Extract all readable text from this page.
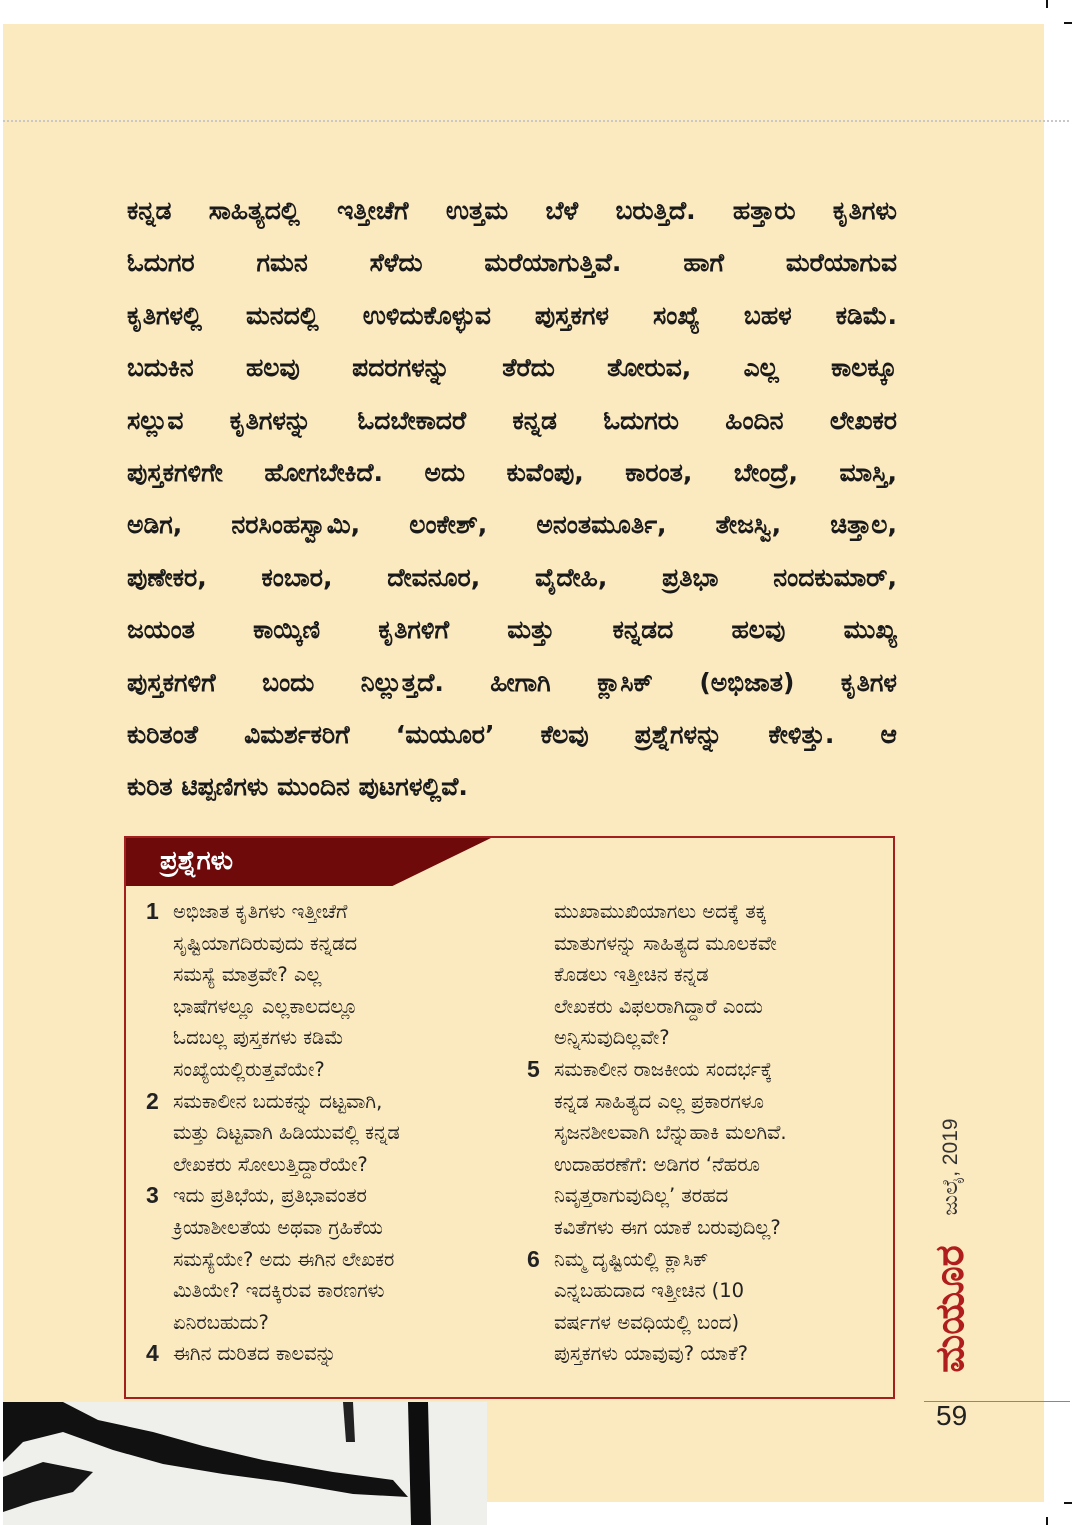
ಕನ್ನಡ ಸಾಹಿತ್ಯದಲ್ಲಿ ಇತ್ತೀಚೆಗೆ ಉತ್ತಮ ಬೆಳೆ ಬರುತ್ತಿದೆ. ಹತ್ತಾರು ಕೃತಿಗಳು
ಓದುಗರ ಗಮನ ಸೆಳೆದು ಮರೆಯಾಗುತ್ತಿವೆ. ಹಾಗೆ ಮರೆಯಾಗುವ
ಕೃತಿಗಳಲ್ಲಿ ಮನದಲ್ಲಿ ಉಳಿದುಕೊಳ್ಳುವ ಪುಸ್ತಕಗಳ ಸಂಖ್ಯೆ ಬಹಳ ಕಡಿಮೆ.
ಬದುಕಿನ ಹಲವು ಪದರಗಳನ್ನು ತೆರೆದು ತೋರುವ, ಎಲ್ಲ ಕಾಲಕ್ಕೂ
ಸಲ್ಲುವ ಕೃತಿಗಳನ್ನು ಓದಬೇಕಾದರೆ ಕನ್ನಡ ಓದುಗರು ಹಿಂದಿನ ಲೇಖಕರ
ಪುಸ್ತಕಗಳಿಗೇ ಹೋಗಬೇಕಿದೆ. ಅದು ಕುವೆಂಪು, ಕಾರಂತ, ಬೇಂದ್ರೆ, ಮಾಸ್ತಿ,
ಅಡಿಗ, ನರಸಿಂಹಸ್ವಾಮಿ, ಲಂಕೇಶ್, ಅನಂತಮೂರ್ತಿ, ತೇಜಸ್ವಿ, ಚಿತ್ತಾಲ,
ಪುಣೇಕರ, ಕಂಬಾರ, ದೇವನೂರ, ವೈದೇಹಿ, ಪ್ರತಿಭಾ ನಂದಕುಮಾರ್,
ಜಯಂತ ಕಾಯ್ಕಿಣಿ ಕೃತಿಗಳಿಗೆ ಮತ್ತು ಕನ್ನಡದ ಹಲವು ಮುಖ್ಯ
ಪುಸ್ತಕಗಳಿಗೆ ಬಂದು ನಿಲ್ಲುತ್ತದೆ. ಹೀಗಾಗಿ ಕ್ಲಾಸಿಕ್ (ಅಭಿಜಾತ) ಕೃತಿಗಳ
ಕುರಿತಂತೆ ವಿಮರ್ಶಕರಿಗೆ ‘ಮಯೂರ’ ಕೆಲವು ಪ್ರಶ್ನೆಗಳನ್ನು ಕೇಳಿತ್ತು. ಆ
ಕುರಿತ ಟಿಪ್ಪಣಿಗಳು ಮುಂದಿನ ಪುಟಗಳಲ್ಲಿವೆ.
ಪ್ರಶ್ನೆಗಳು
1 ಅಭಿಜಾತ ಕೃತಿಗಳು ಇತ್ತೀಚೆಗೆ
ಸೃಷ್ಟಿಯಾಗದಿರುವುದು ಕನ್ನಡದ
ಸಮಸ್ಯೆ ಮಾತ್ರವೇ? ಎಲ್ಲ
ಭಾಷೆಗಳಲ್ಲೂ ಎಲ್ಲಕಾಲದಲ್ಲೂ
ಓದಬಲ್ಲ ಪುಸ್ತಕಗಳು ಕಡಿಮೆ
ಸಂಖ್ಯೆಯಲ್ಲಿರುತ್ತವೆಯೇ?
2 ಸಮಕಾಲೀನ ಬದುಕನ್ನು ದಟ್ಟವಾಗಿ,
ಮತ್ತು ದಿಟ್ಟವಾಗಿ ಹಿಡಿಯುವಲ್ಲಿ ಕನ್ನಡ
ಲೇಖಕರು ಸೋಲುತ್ತಿದ್ದಾರೆಯೇ?
3 ಇದು ಪ್ರತಿಭೆಯ, ಪ್ರತಿಭಾವಂತರ
ಕ್ರಿಯಾಶೀಲತೆಯ ಅಥವಾ ಗ್ರಹಿಕೆಯ
ಸಮಸ್ಯೆಯೇ? ಅದು ಈಗಿನ ಲೇಖಕರ
ಮಿತಿಯೇ? ಇದಕ್ಕಿರುವ ಕಾರಣಗಳು
ಏನಿರಬಹುದು?
4 ಈಗಿನ ದುರಿತದ ಕಾಲವನ್ನು
ಮುಖಾಮುಖಿಯಾಗಲು ಅದಕ್ಕೆ ತಕ್ಕ
ಮಾತುಗಳನ್ನು ಸಾಹಿತ್ಯದ ಮೂಲಕವೇ
ಕೊಡಲು ಇತ್ತೀಚಿನ ಕನ್ನಡ
ಲೇಖಕರು ವಿಫಲರಾಗಿದ್ದಾರೆ ಎಂದು
ಅನ್ನಿಸುವುದಿಲ್ಲವೇ?
5 ಸಮಕಾಲೀನ ರಾಜಕೀಯ ಸಂದರ್ಭಕ್ಕೆ
ಕನ್ನಡ ಸಾಹಿತ್ಯದ ಎಲ್ಲ ಪ್ರಕಾರಗಳೂ
ಸೃಜನಶೀಲವಾಗಿ ಬೆನ್ನುಹಾಕಿ ಮಲಗಿವೆ.
ಉದಾಹರಣೆಗೆ: ಅಡಿಗರ ‘ನೆಹರೂ
ನಿವೃತ್ತರಾಗುವುದಿಲ್ಲ’ ತರಹದ
ಕವಿತೆಗಳು ಈಗ ಯಾಕೆ ಬರುವುದಿಲ್ಲ?
6 ನಿಮ್ಮ ದೃಷ್ಟಿಯಲ್ಲಿ ಕ್ಲಾಸಿಕ್
ಎನ್ನಬಹುದಾದ ಇತ್ತೀಚಿನ (10
ವರ್ಷಗಳ ಅವಧಿಯಲ್ಲಿ ಬಂದ)
ಪುಸ್ತಕಗಳು ಯಾವುವು? ಯಾಕೆ?
ಜುಲೈ, 2019
ಮಯೂರ
59
